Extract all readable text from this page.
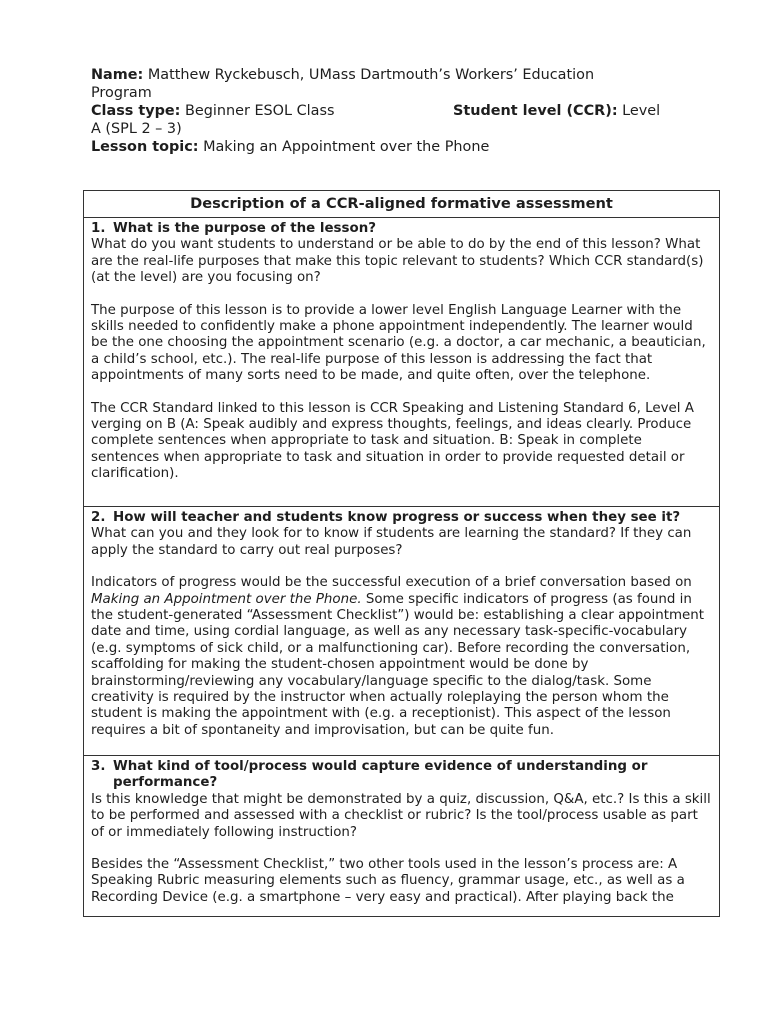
Name: Matthew Ryckebusch, UMass Dartmouth’s Workers’ Education
Program
Class type: Beginner ESOL Class	Student level (CCR): Level
A (SPL 2 – 3)
Lesson topic: Making an Appointment over the Phone
Description of a CCR-aligned formative assessment

1. What is the purpose of the lesson?

What do you want students to understand or be able to do by the end of this lesson? What are the real-life purposes that make this topic relevant to students? Which CCR standard(s) (at the level) are you focusing on?

The purpose of this lesson is to provide a lower level English Language Learner with the skills needed to confidently make a phone appointment independently. The learner would be the one choosing the appointment scenario (e.g. a doctor, a car mechanic, a beautician, a child’s school, etc.). The real-life purpose of this lesson is addressing the fact that appointments of many sorts need to be made, and quite often, over the telephone.

The CCR Standard linked to this lesson is CCR Speaking and Listening Standard 6, Level A verging on B (A: Speak audibly and express thoughts, feelings, and ideas clearly. Produce complete sentences when appropriate to task and situation. B: Speak in complete sentences when appropriate to task and situation in order to provide requested detail or clarification).

2. How will teacher and students know progress or success when they see it?

What can you and they look for to know if students are learning the standard? If they can apply the standard to carry out real purposes?

Indicators of progress would be the successful execution of a brief conversation based on Making an Appointment over the Phone. Some specific indicators of progress (as found in the student-generated “Assessment Checklist”) would be: establishing a clear appointment date and time, using cordial language, as well as any necessary task-specific-vocabulary (e.g. symptoms of sick child, or a malfunctioning car). Before recording the conversation, scaffolding for making the student-chosen appointment would be done by brainstorming/reviewing any vocabulary/language specific to the dialog/task. Some creativity is required by the instructor when actually roleplaying the person whom the student is making the appointment with (e.g. a receptionist). This aspect of the lesson requires a bit of spontaneity and improvisation, but can be quite fun.

3. What kind of tool/process would capture evidence of understanding or performance?

Is this knowledge that might be demonstrated by a quiz, discussion, Q&A, etc.? Is this a skill to be performed and assessed with a checklist or rubric? Is the tool/process usable as part of or immediately following instruction?

Besides the “Assessment Checklist,” two other tools used in the lesson’s process are: A Speaking Rubric measuring elements such as fluency, grammar usage, etc., as well as a Recording Device (e.g. a smartphone – very easy and practical). After playing back the
